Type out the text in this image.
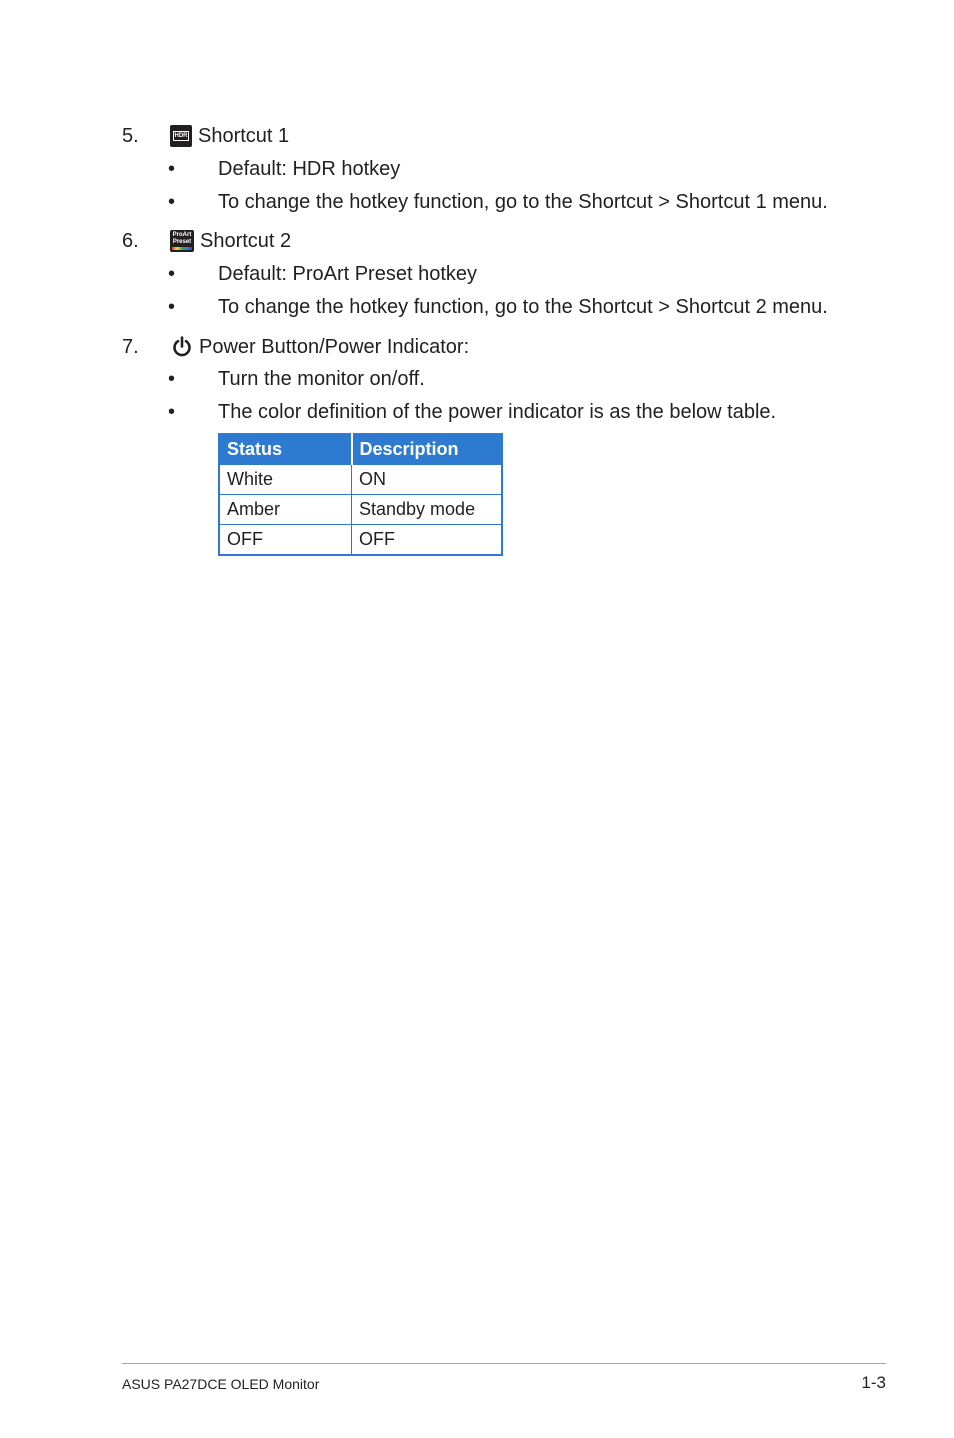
5.	HDR Shortcut 1
•	Default: HDR hotkey
•	To change the hotkey function, go to the Shortcut > Shortcut 1 menu.
6.	ProArt
Preset Shortcut 2
•	Default: ProArt Preset hotkey
•	To change the hotkey function, go to the Shortcut > Shortcut 2 menu.
7.	Power Button/Power Indicator:
•	Turn the monitor on/off.
•	The color definition of the power indicator is as the below table.
Status	Description
White	ON
Amber	Standby mode
OFF	OFF
ASUS PA27DCE OLED Monitor	1-3
